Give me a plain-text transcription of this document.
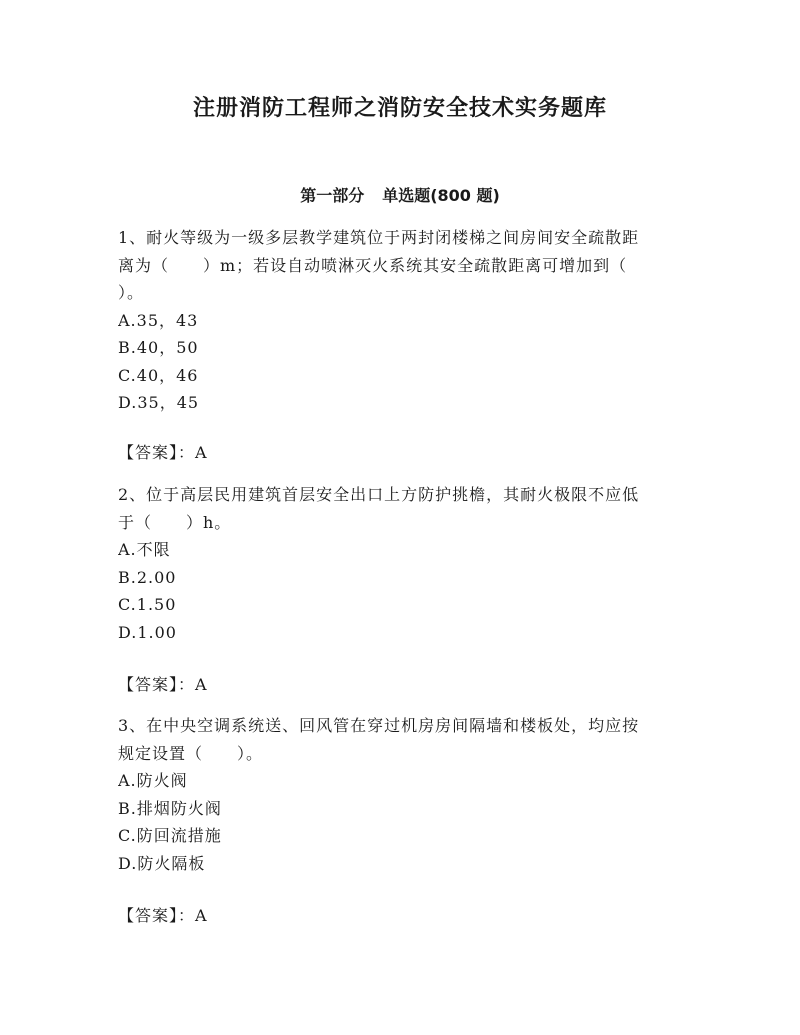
注册消防工程师之消防安全技术实务题库
第一部分 单选题(800 题)
1、耐火等级为一级多层教学建筑位于两封闭楼梯之间房间安全疏散距
离为（　　）m；若设自动喷淋灭火系统其安全疏散距离可增加到（
）。
A.35，43
B.40，50
C.40，46
D.35，45
【答案】：A
2、位于高层民用建筑首层安全出口上方防护挑檐，其耐火极限不应低
于（　　）h。
A.不限
B.2.00
C.1.50
D.1.00
【答案】：A
3、在中央空调系统送、回风管在穿过机房房间隔墙和楼板处，均应按
规定设置（　　）。
A.防火阀
B.排烟防火阀
C.防回流措施
D.防火隔板
【答案】：A
